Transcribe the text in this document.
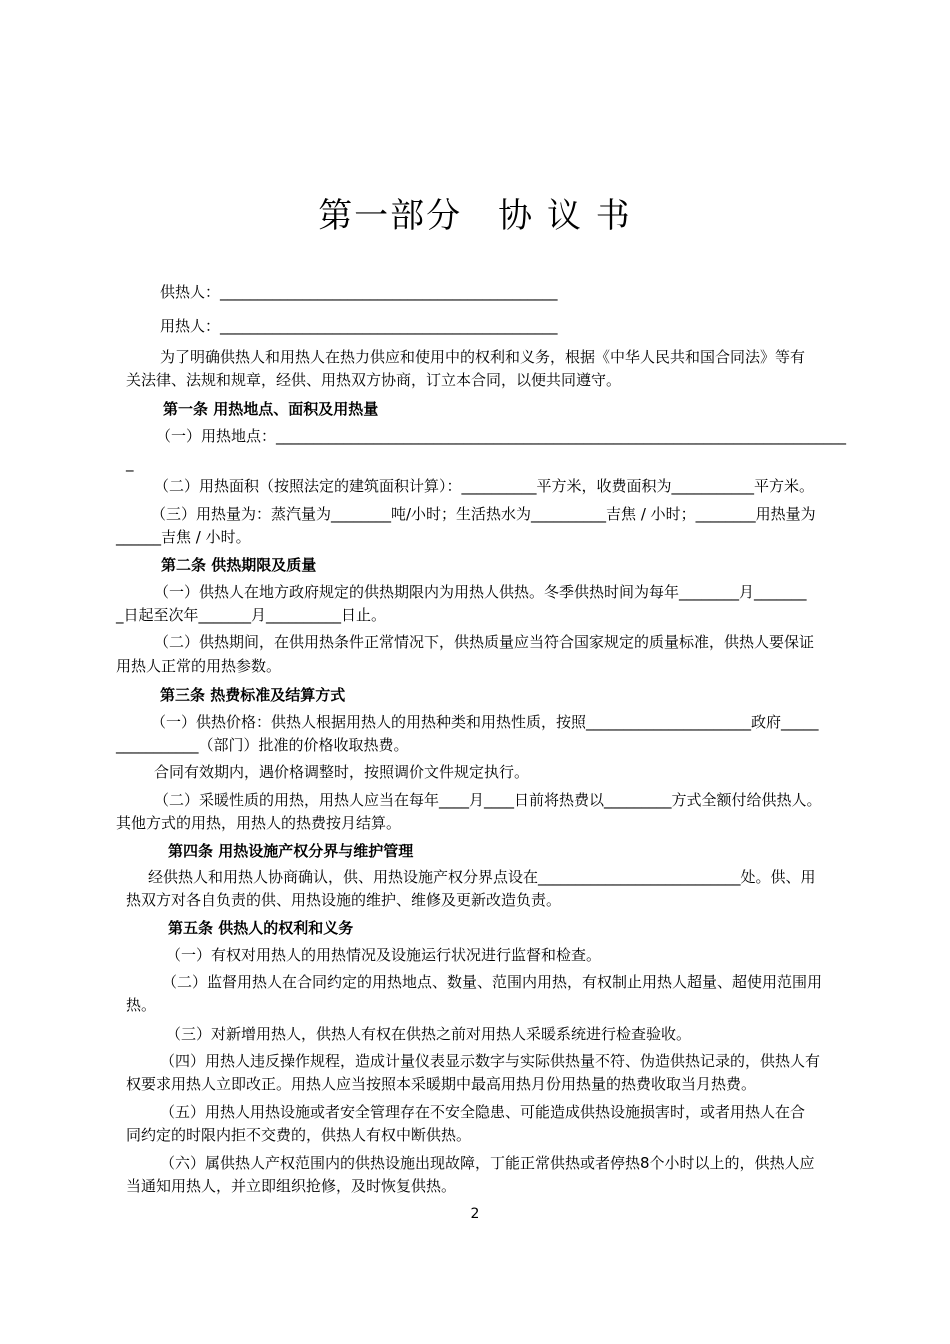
第一部分　协 议 书
供热人：_____________________________________________
用热人：_____________________________________________
为了明确供热人和用热人在热力供应和使用中的权利和义务，根据《中华人民共和国合同法》等有
关法律、法规和规章，经供、用热双方协商，订立本合同，以便共同遵守。
第一条 用热地点、面积及用热量
（一）用热地点：____________________________________________________________________________
_
（二）用热面积（按照法定的建筑面积计算）：__________平方米，收费面积为___________平方米。
（三）用热量为：蒸汽量为________吨/小时；生活热水为__________吉焦 / 小时；________用热量为
______吉焦 / 小时。
第二条 供热期限及质量
（一）供热人在地方政府规定的供热期限内为用热人供热。冬季供热时间为每年________月_______
_日起至次年_______月__________日止。
（二）供热期间，在供用热条件正常情况下，供热质量应当符合国家规定的质量标准，供热人要保证
用热人正常的用热参数。
第三条 热费标准及结算方式
（一）供热价格：供热人根据用热人的用热种类和用热性质，按照______________________政府_____
___________（部门）批准的价格收取热费。
合同有效期内，遇价格调整时，按照调价文件规定执行。
（二）采暖性质的用热，用热人应当在每年____月____日前将热费以_________方式全额付给供热人。
其他方式的用热，用热人的热费按月结算。
第四条 用热设施产权分界与维护管理
经供热人和用热人协商确认，供、用热设施产权分界点设在___________________________处。供、用
热双方对各自负责的供、用热设施的维护、维修及更新改造负责。
第五条 供热人的权利和义务
（一）有权对用热人的用热情况及设施运行状况进行监督和检查。
（二）监督用热人在合同约定的用热地点、数量、范围内用热，有权制止用热人超量、超使用范围用
热。
（三）对新增用热人，供热人有权在供热之前对用热人采暖系统进行检查验收。
（四）用热人违反操作规程，造成计量仪表显示数字与实际供热量不符、伪造供热记录的，供热人有
权要求用热人立即改正。用热人应当按照本采暖期中最高用热月份用热量的热费收取当月热费。
（五）用热人用热设施或者安全管理存在不安全隐患、可能造成供热设施损害时，或者用热人在合
同约定的时限内拒不交费的，供热人有权中断供热。
（六）属供热人产权范围内的供热设施出现故障，丁能正常供热或者停热8个小时以上的，供热人应
当通知用热人，并立即组织抢修，及时恢复供热。
2
